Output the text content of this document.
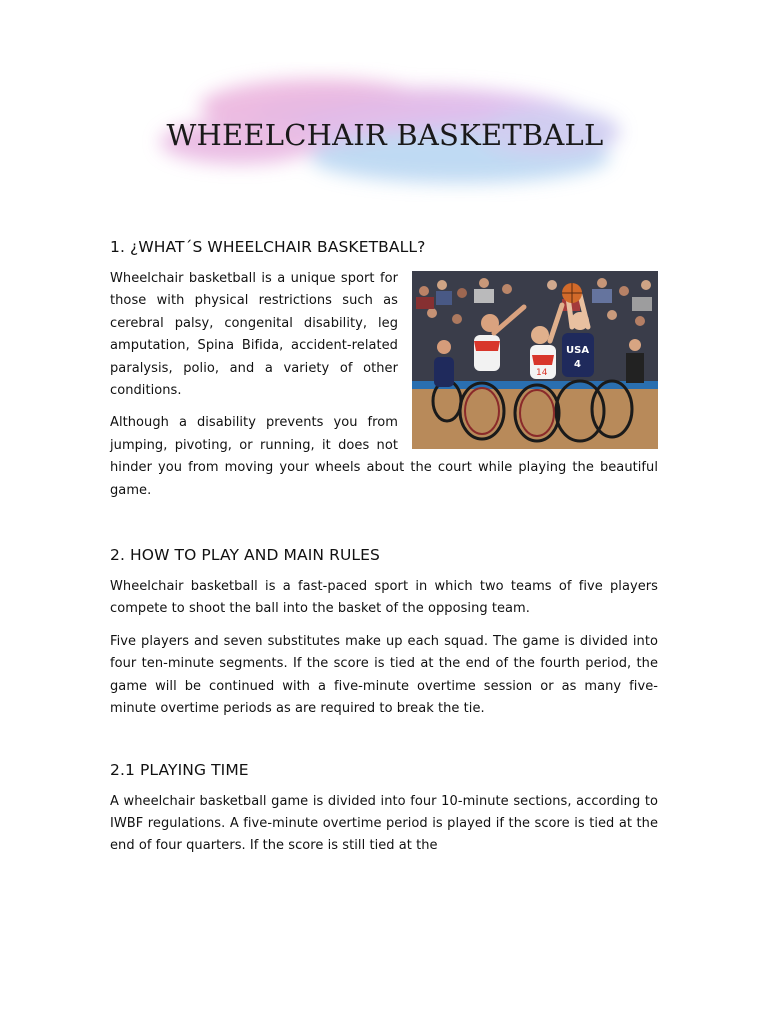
WHEELCHAIR BASKETBALL
1. ¿WHAT´S WHEELCHAIR BASKETBALL?
14
USA
4

Wheelchair basketball is a unique sport for those with physical restrictions such as cerebral palsy, congenital disability, leg amputation, Spina Bifida, accident-related paralysis, polio, and a variety of other conditions.

Although a disability prevents you from jumping, pivoting, or running, it does not hinder you from moving your wheels about the court while playing the beautiful game.

2. HOW TO PLAY AND MAIN RULES

Wheelchair basketball is a fast-paced sport in which two teams of five players compete to shoot the ball into the basket of the opposing team.

Five players and seven substitutes make up each squad. The game is divided into four ten-minute segments. If the score is tied at the end of the fourth period, the game will be continued with a five-minute overtime session or as many five-minute overtime periods as are required to break the tie.

2.1 PLAYING TIME

A wheelchair basketball game is divided into four 10-minute sections, according to IWBF regulations. A five-minute overtime period is played if the score is tied at the end of four quarters. If the score is still tied at the
